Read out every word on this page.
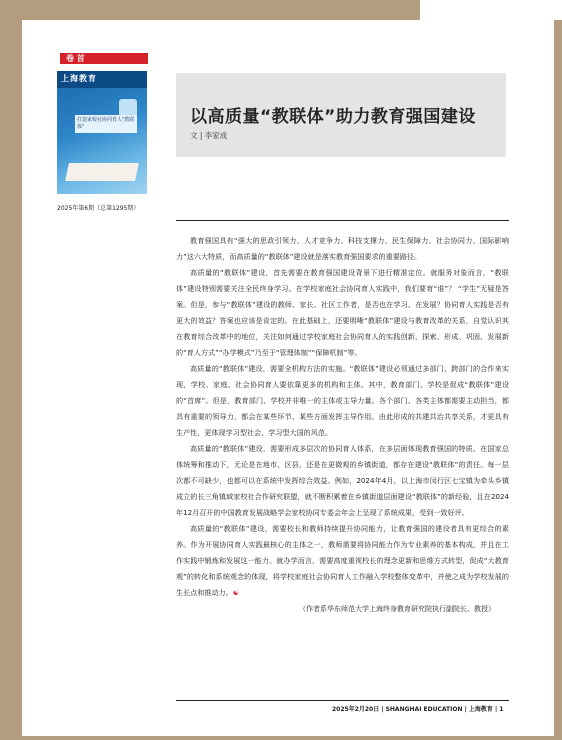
卷 首
上海教育
打造家校社协同育人"教联体"
2025年第6期（总第1295期）
以高质量“教联体”助力教育强国建设
文 | 李家成

教育强国具有“强大的思政引领力、人才竞争力、科技支撑力、民生保障力、社会协同力、国际影响力”这六大特质，而高质量的“教联体”建设就是落实教育强国要求的重要路径。

高质量的“教联体”建设，首先需要在教育强国建设背景下进行精准定位。就服务对象而言，“教联体”建设特别需要关注全民终身学习。在学校家庭社会协同育人实践中，我们要育“谁”？ “学生”无疑是答案。但是，参与“教联体”建设的教师、家长、社区工作者，是否也在学习、在发展？协同育人实践是否有更大的效益？答案也应该是肯定的。在此基础上，还要明晰“教联体”建设与教育改革的关系，自觉认识其在教育综合改革中的地位，关注如何通过学校家庭社会协同育人的实践创新，探索、形成、巩固、发展新的“育人方式”“办学模式”乃至于“管理体制”“保障机制”等。

高质量的“教联体”建设，需要全机构方法的实施。“教联体”建设必须通过多部门、跨部门的合作来实现，学校、家庭、社会协同育人要依靠更多的机构和主体。其中，教育部门、学校是促成“教联体”建设的“首席”。但是，教育部门、学校并非唯一的主体或主导力量。各个部门、各类主体都需要主动担当，都具有重要的领导力，都会在某些环节、某些方面发挥主导作用。由此形成的共建共治共享关系，才更具有生产性，更体现学习型社会、学习型大国的风范。

高质量的“教联体”建设，需要形成多层次的协同育人体系，在多层面体现教育强国的特质。在国家总体统筹和推动下，无论是在地市、区县，还是在更微观的乡镇街道，都存在建设“教联体”的责任。每一层次都不可缺少，也都可以在系统中发挥综合效益。例如，2024年4月，以上海市闵行区七宝镇为牵头乡镇成立的长三角镇域家校社合作研究联盟，就不断积累着在乡镇街道层面建设“教联体”的新经验，且在2024年12月召开的中国教育发展战略学会家校协同专委会年会上呈现了系统成果，受到一致好评。

高质量的“教联体”建设，需要校长和教师持续提升协同能力，让教育强国的建设者具有更综合的素养。作为开展协同育人实践最核心的主体之一，教师需要将协同能力作为专业素养的基本构成，并且在工作实践中锻炼和发展这一能力。就办学而言，需要高度重视校长的理念更新和思维方式转型，促成“大教育观”的转化和系统观念的体现，将学校家庭社会协同育人工作融入学校整体变革中，并使之成为学校发展的生长点和推动力。☯

（作者系华东师范大学上海终身教育研究院执行副院长、教授）

2025年2月20日 | SHANGHAI EDUCATION | 上海教育 | 1
